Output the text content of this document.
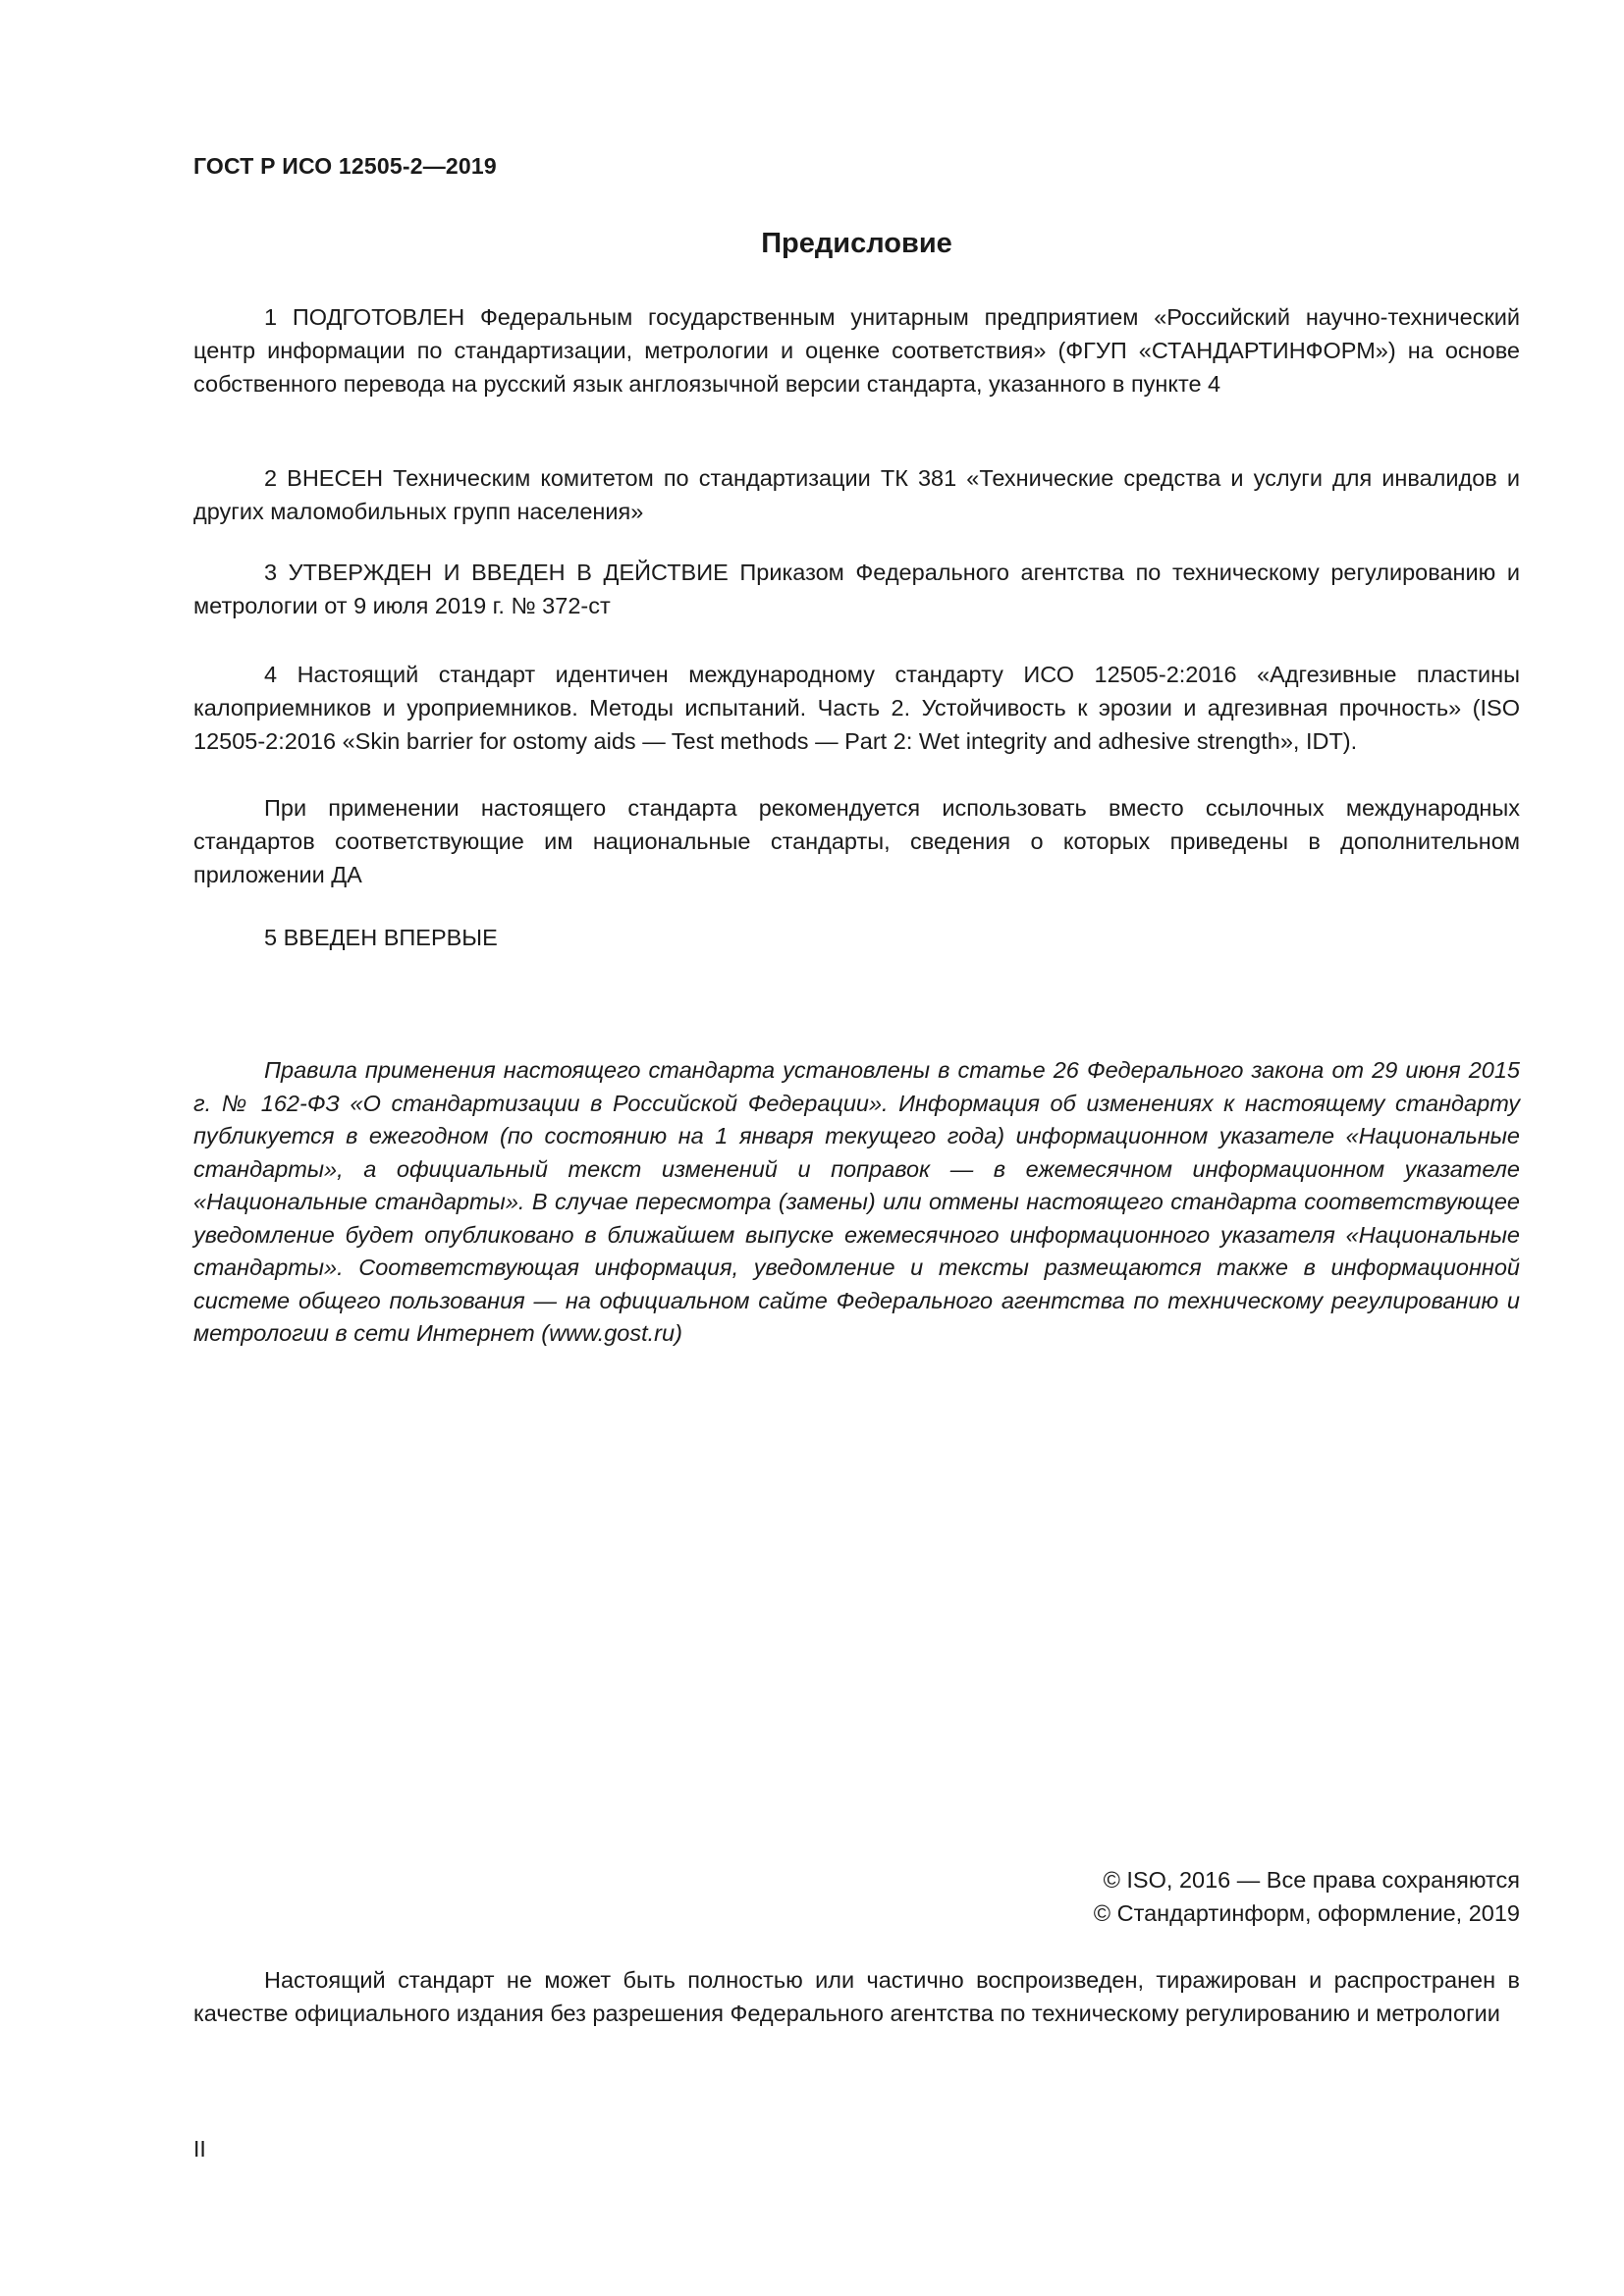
ГОСТ Р ИСО 12505-2—2019
Предисловие

1 ПОДГОТОВЛЕН Федеральным государственным унитарным предприятием «Российский научно-технический центр информации по стандартизации, метрологии и оценке соответствия» (ФГУП «СТАНДАРТИНФОРМ») на основе собственного перевода на русский язык англоязычной версии стандарта, указанного в пункте 4

2 ВНЕСЕН Техническим комитетом по стандартизации ТК 381 «Технические средства и услуги для инвалидов и других маломобильных групп населения»

3 УТВЕРЖДЕН И ВВЕДЕН В ДЕЙСТВИЕ Приказом Федерального агентства по техническому регулированию и метрологии от 9 июля 2019 г. № 372-ст

4 Настоящий стандарт идентичен международному стандарту ИСО 12505-2:2016 «Адгезивные пластины калоприемников и уроприемников. Методы испытаний. Часть 2. Устойчивость к эрозии и адгезивная прочность» (ISO 12505-2:2016 «Skin barrier for ostomy aids — Test methods — Part 2: Wet integrity and adhesive strength», IDT).

При применении настоящего стандарта рекомендуется использовать вместо ссылочных международных стандартов соответствующие им национальные стандарты, сведения о которых приведены в дополнительном приложении ДА

5 ВВЕДЕН ВПЕРВЫЕ

Правила применения настоящего стандарта установлены в статье 26 Федерального закона от 29 июня 2015 г. № 162-ФЗ «О стандартизации в Российской Федерации». Информация об изменениях к настоящему стандарту публикуется в ежегодном (по состоянию на 1 января текущего года) информационном указателе «Национальные стандарты», а официальный текст изменений и поправок — в ежемесячном информационном указателе «Национальные стандарты». В случае пересмотра (замены) или отмены настоящего стандарта соответствующее уведомление будет опубликовано в ближайшем выпуске ежемесячного информационного указателя «Национальные стандарты». Соответствующая информация, уведомление и тексты размещаются также в информационной системе общего пользования — на официальном сайте Федерального агентства по техническому регулированию и метрологии в сети Интернет (www.gost.ru)

© ISO, 2016 — Все права сохраняются
© Стандартинформ, оформление, 2019

Настоящий стандарт не может быть полностью или частично воспроизведен, тиражирован и распространен в качестве официального издания без разрешения Федерального агентства по техническому регулированию и метрологии

II
